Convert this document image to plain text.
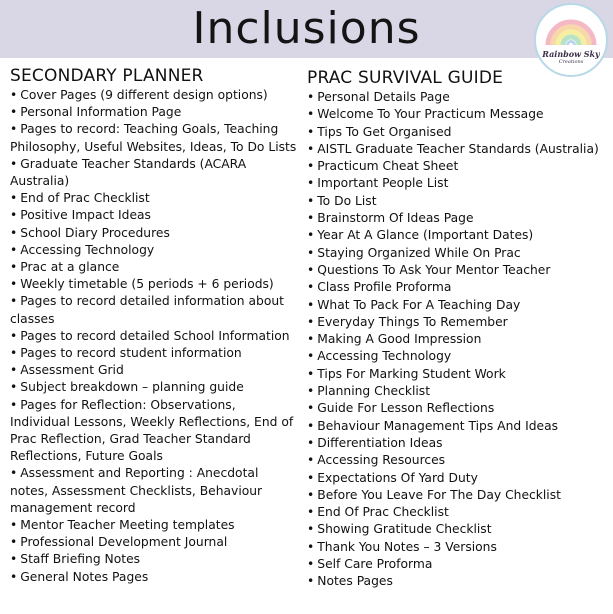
Inclusions	Rainbow Sky
Creations
SECONDARY PLANNER
• Cover Pages (9 different design options)
• Personal Information Page
• Pages to record: Teaching Goals, Teaching Philosophy, Useful Websites, Ideas, To Do Lists
• Graduate Teacher Standards (ACARA Australia)
• End of Prac Checklist
• Positive Impact Ideas
• School Diary Procedures
• Accessing Technology
• Prac at a glance
• Weekly timetable (5 periods + 6 periods)
• Pages to record detailed information about classes
• Pages to record detailed School Information
• Pages to record student information
• Assessment Grid
• Subject breakdown – planning guide
• Pages for Reflection: Observations, Individual Lessons, Weekly Reflections, End of Prac Reflection, Grad Teacher Standard Reflections, Future Goals
• Assessment and Reporting : Anecdotal notes, Assessment Checklists, Behaviour management record
• Mentor Teacher Meeting templates
• Professional Development Journal
• Staff Briefing Notes
• General Notes Pages
PRAC SURVIVAL GUIDE
• Personal Details Page
• Welcome To Your Practicum Message
• Tips To Get Organised
• AISTL Graduate Teacher Standards (Australia)
• Practicum Cheat Sheet
• Important People List
• To Do List
• Brainstorm Of Ideas Page
• Year At A Glance (Important Dates)
• Staying Organized While On Prac
• Questions To Ask Your Mentor Teacher
• Class Profile Proforma
• What To Pack For A Teaching Day
• Everyday Things To Remember
• Making A Good Impression
• Accessing Technology
• Tips For Marking Student Work
• Planning Checklist
• Guide For Lesson Reflections
• Behaviour Management Tips And Ideas
• Differentiation Ideas
• Accessing Resources
• Expectations Of Yard Duty
• Before You Leave For The Day Checklist
• End Of Prac Checklist
• Showing Gratitude Checklist
• Thank You Notes – 3 Versions
• Self Care Proforma
• Notes Pages
